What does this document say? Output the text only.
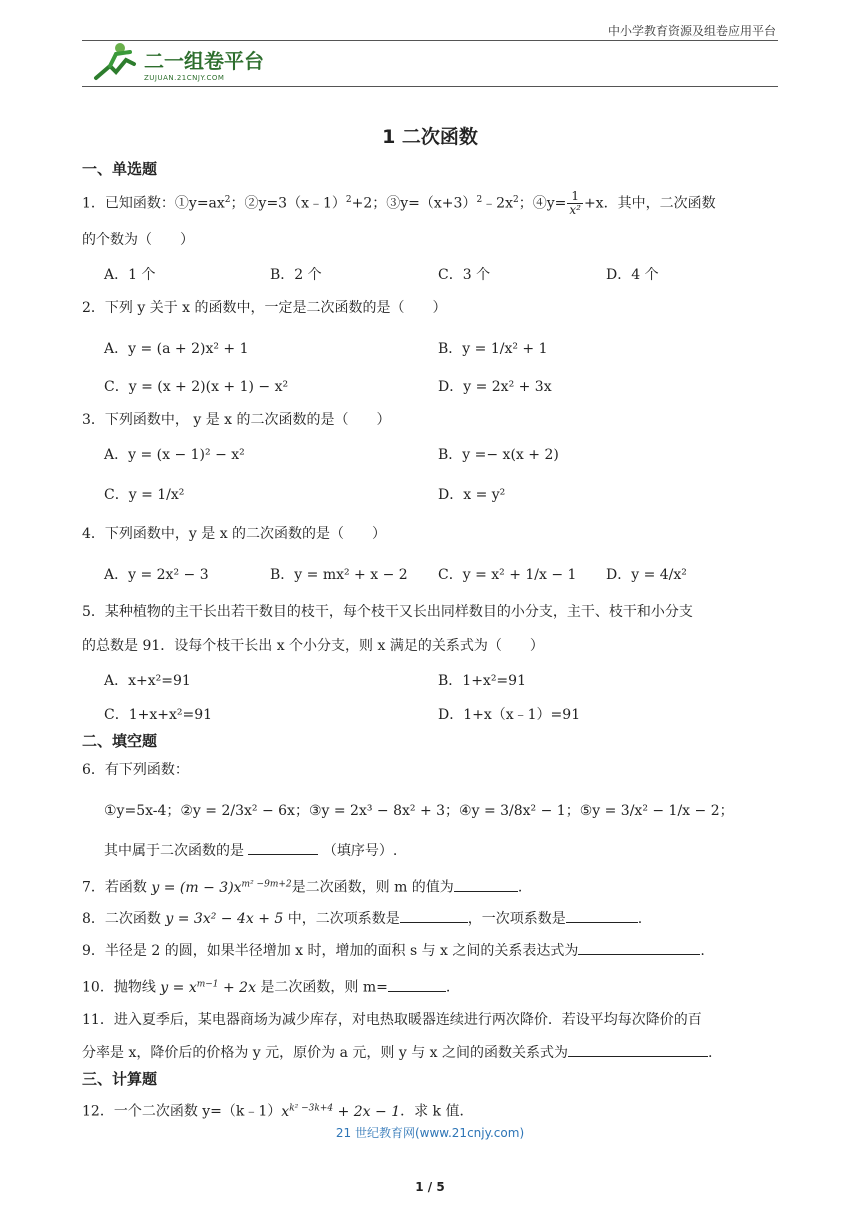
中小学教育资源及组卷应用平台
二一组卷平台
ZUJUAN.21CNJY.COM
1 二次函数
一、单选题
1．已知函数：$①y=ax^2$；②y=3（x﹣1）$^2$+2；$③y=(x+3)^2﹣2x^2$；④y= $\frac{1}{\text{x²}} +x$．其中，二次函数
的个数为（　　）
A．1 个	B．2 个	C．3 个	D．4 个
2．下列 y 关于 x 的函数中，一定是二次函数的是（　　）
A．y = (a + 2)x² + 1	B．y = 1/x² + 1
C．y = (x + 2)(x + 1) − x²	D．y = 2x² + 3x
3．下列函数中， y 是 x 的二次函数的是（　　）
A．y = (x − 1)² − x²	B．y =− x(x + 2)
C．y = 1/x²	D．x = y²
4．下列函数中，y 是 x 的二次函数的是（　　）
A．y = 2x² − 3	B．y = mx² + x − 2 C．y = x² + 1/x − 1 D．y = 4/x²
5．某种植物的主干长出若干数目的枝干，每个枝干又长出同样数目的小分支，主干、枝干和小分支
的总数是 91．设每个枝干长出 x 个小分支，则 x 满足的关系式为（　　）
A．x+x²=91	B．1+x²=91
C．1+x+x²=91	D．1+x（x﹣1）=91
二、填空题
6．有下列函数：
①y=5x-4；②y = 2/3x² − 6x；③y = 2x³ − 8x² + 3；④y = 3/8x² − 1；⑤y = 3/x² − 1/x − 2；
其中属于二次函数的是	（填序号）.
7．若函数 $y = (m - 3)x^{m^2 -9m+2}$是二次函数，则 m 的值为	.
8．二次函数 y = 3x² − 4x + 5 中，二次项系数是	，一次项系数是	.
9．半径是 2 的圆，如果半径增加 x 时，增加的面积 s 与 x 之间的关系表达式为	.
10．抛物线 $y = x^{m-1} + 2x$ 是二次函数，则 m=	.
11．进入夏季后，某电器商场为减少库存，对电热取暖器连续进行两次降价．若设平均每次降价的百
分率是 x，降价后的价格为 y 元，原价为 a 元，则 y 与 x 之间的函数关系式为	.
三、计算题
12．一个二次函数 $y=(k﹣1)x^{k^2 -3k+4} + 2x - 1$．求 k 值．
21 世纪教育网(www.21cnjy.com)
1 / 5
